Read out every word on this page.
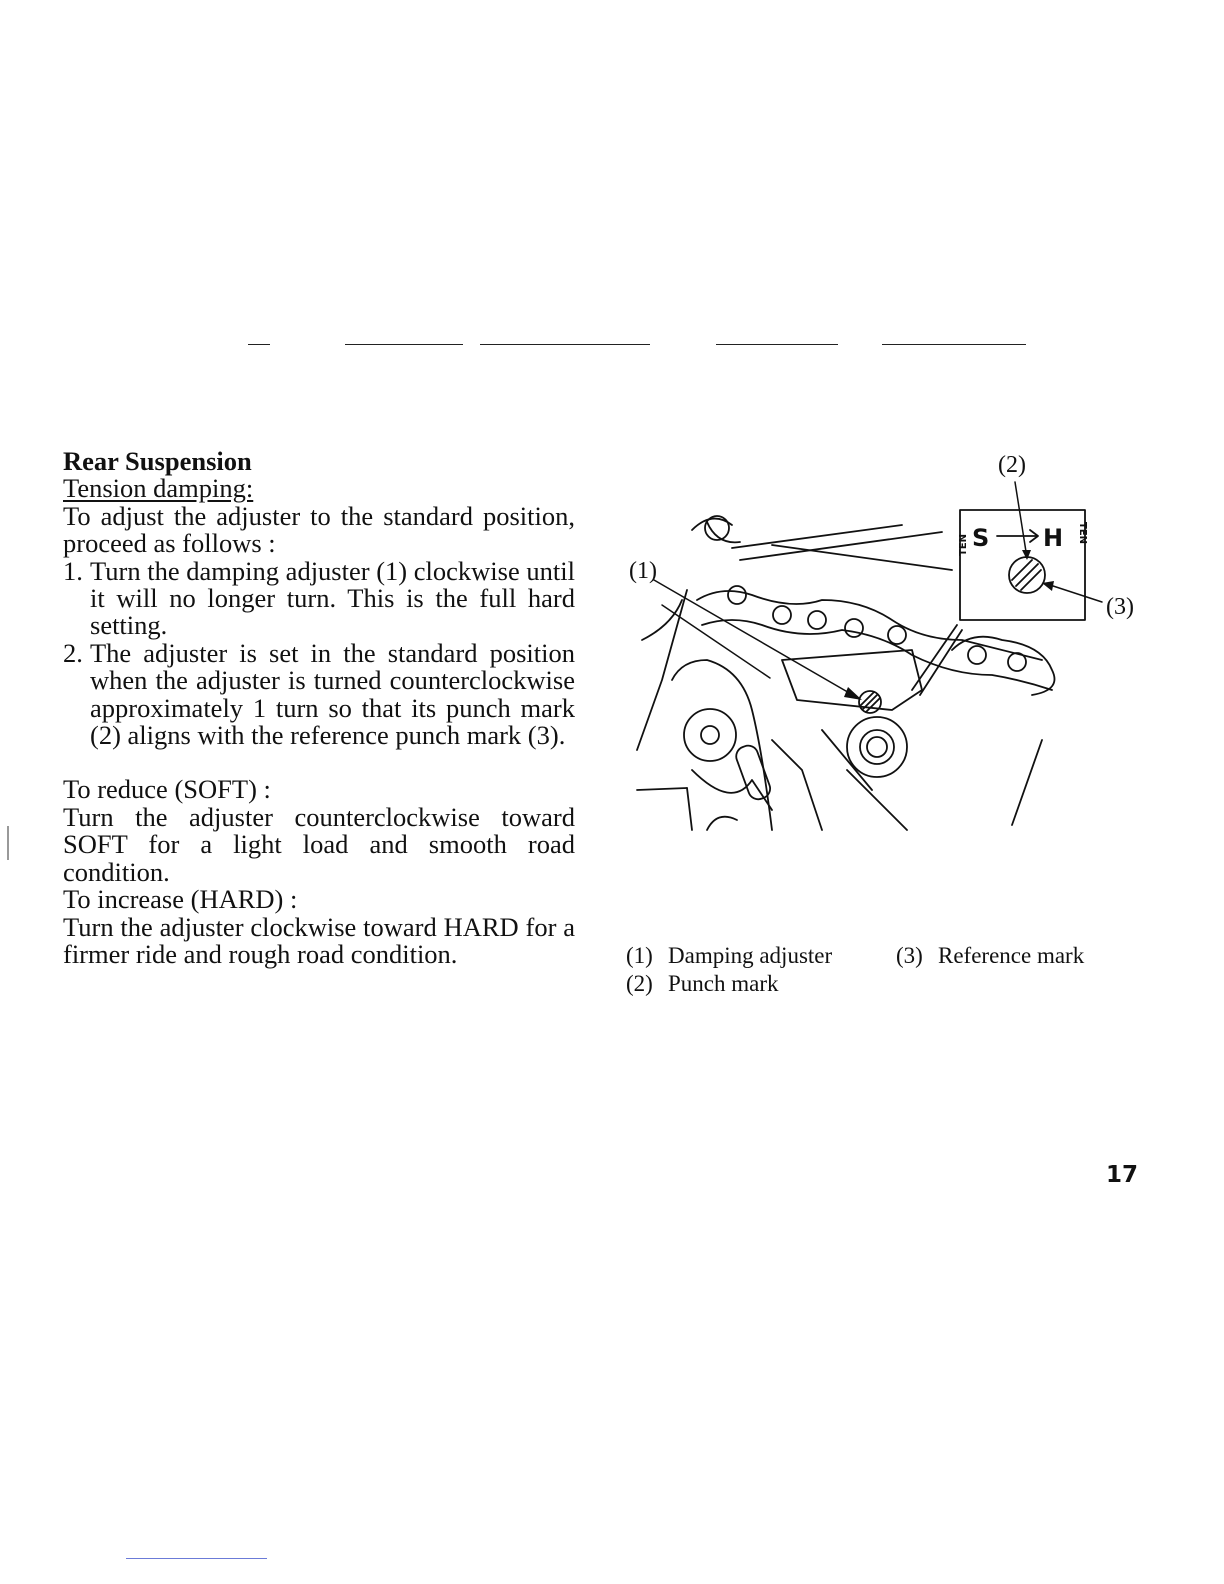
Rear Suspension
Tension damping:
To adjust the adjuster to the standard position, proceed as follows :
1. Turn the damping adjuster (1) clockwise until it will no longer turn. This is the full hard setting.
2. The adjuster is set in the standard position when the adjuster is turned counterclockwise approximately 1 turn so that its punch mark (2) aligns with the reference punch mark (3).
To reduce (SOFT) :
Turn the adjuster counterclockwise toward SOFT for a light load and smooth road condition.
To increase (HARD) :
Turn the adjuster clockwise toward HARD for a firmer ride and rough road condition.
S H
TEN
TEN
(1)
(2)
(3)
(1) Damping adjuster
(2) Punch mark
(3) Reference mark
17
